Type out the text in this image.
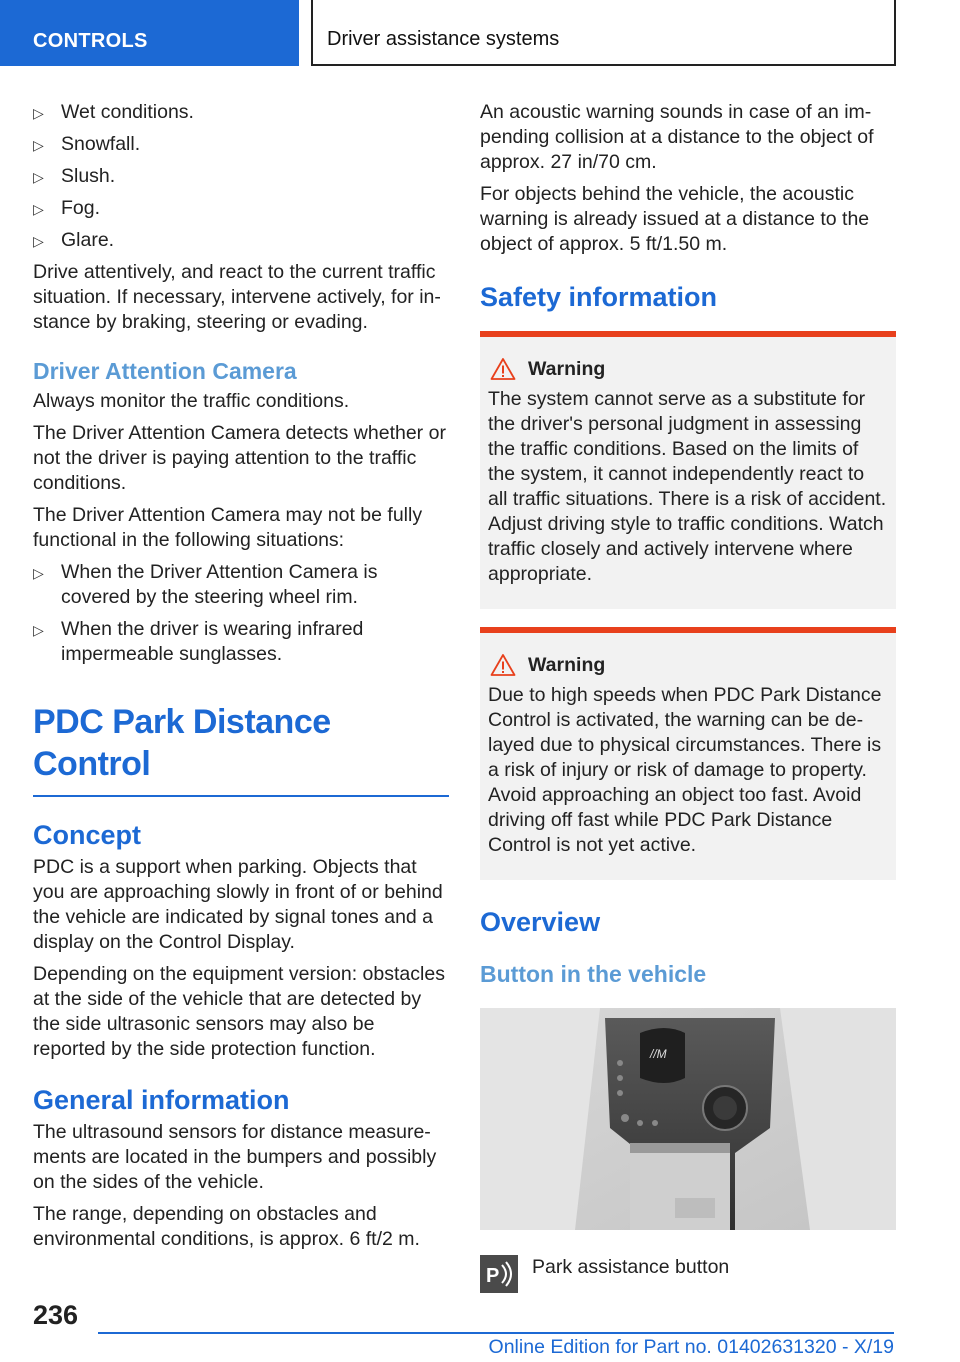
CONTROLS	Driver assistance systems
▷ Wet conditions.
▷ Snowfall.
▷ Slush.
▷ Fog.
▷ Glare.

Drive attentively, and react to the current traffic situation. If necessary, intervene actively, for instance by braking, steering or evading.

Driver Attention Camera

Always monitor the traffic conditions.

The Driver Attention Camera detects whether or not the driver is paying attention to the traffic conditions.

The Driver Attention Camera may not be fully functional in the following situations:

▷ When the Driver Attention Camera is covered by the steering wheel rim.
▷ When the driver is wearing infrared impermeable sunglasses.
PDC Park Distance Control
Concept

PDC is a support when parking. Objects that you are approaching slowly in front of or behind the vehicle are indicated by signal tones and a display on the Control Display.

Depending on the equipment version: obstacles at the side of the vehicle that are detected by the side ultrasonic sensors may also be reported by the side protection function.

General information

The ultrasound sensors for distance measurements are located in the bumpers and possibly on the sides of the vehicle.

The range, depending on obstacles and environmental conditions, is approx. 6 ft/2 m.

An acoustic warning sounds in case of an impending collision at a distance to the object of approx. 27 in/70 cm.

For objects behind the vehicle, the acoustic warning is already issued at a distance to the object of approx. 5 ft/1.50 m.

Safety information
Warning

The system cannot serve as a substitute for the driver's personal judgment in assessing the traffic conditions. Based on the limits of the system, it cannot independently react to all traffic situations. There is a risk of accident. Adjust driving style to traffic conditions. Watch traffic closely and actively intervene where appropriate.

Warning

Due to high speeds when PDC Park Distance Control is activated, the warning can be delayed due to physical circumstances. There is a risk of injury or risk of damage to property. Avoid approaching an object too fast. Avoid driving off fast while PDC Park Distance Control is not yet active.

Overview
Button in the vehicle
//M
P Park assistance button
236
Online Edition for Part no. 01402631320 - X/19
